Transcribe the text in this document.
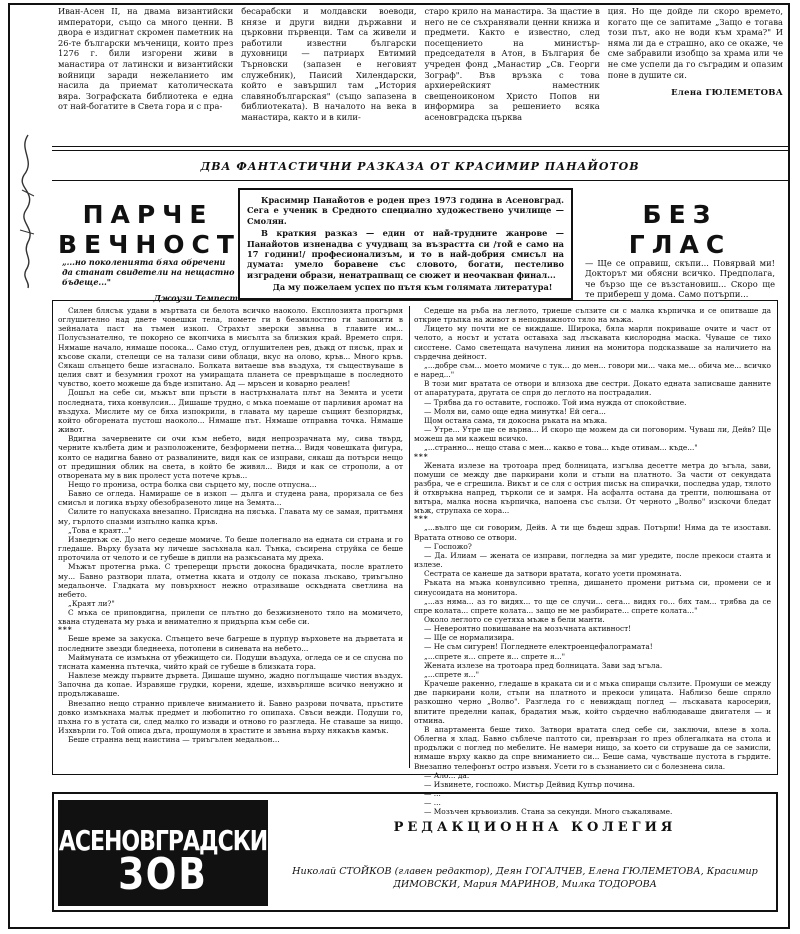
Иван-Асен II, на двама византийски императори, също са много ценни. В двора е издигнат скромен паметник на 26-те български мъченици, които през 1276 г. били изгорени живи в манастира от латински и византийски войници заради нежеланието им насила да приемат католическата вяра. Зографската библиотека е една от най-богатите в Света гора и с пра-

бесарабски и молдавски воеводи, князе и други видни държавни и църковни първенци. Там са живели и работили известни български духовници — патриарх Евтимий Търновски (запазен е неговият служебник), Паисий Хилендарски, който е завършил там „История славянобългарская" (също запазена в библиотеката). В началото на века в манастира, както и в кили-

старо крило на манастира. За щастие в него не се съхранявали ценни книжа и предмети. Както е известно, след посещението на министър-председателя в Атон, в България бе учреден фонд „Манастир „Св. Георги Зограф". Във връзка с това архиерейският наместник свещеноиконом Христо Попов ни информира за решението всяка асеновградска църква

ция. Но ще дойде ли скоро времето, когато ще се запитаме „Защо е тогава този път, ако не води към храма?" И няма ли да е страшно, ако се окаже, че сме забравили изобщо за храма или че не сме успели да го съградим и опазим поне в душите си.

Елена ГЮЛЕМЕТОВА
ДВА ФАНТАСТИЧНИ РАЗКАЗА ОТ КРАСИМИР ПАНАЙОТОВ
ПАРЧЕ
ВЕЧНОСТ
„...но поколенията бяха обречени да станат свидетели на нещастно бъдеще..."
Джоузи Темпест

Красимир Панайотов е роден през 1973 година в Асеновград. Сега е ученик в Средното специално художествено училище — Смолян.

В краткия разказ — един от най-трудните жанрове — Панайотов изненадва с учудващ за възрастта си /той е само на 17 години!/ професионализъм, и то в най-добрия смисъл на думата: умело боравене със словото, богати, пестеливо изградени образи, ненатрапващ се сюжет и неочакван финал...

Да му пожелаем успех по пътя към голямата литература!

БЕЗ
ГЛАС
— Ще се оправиш, скъпи... Повярвай ми! Докторът ми обясни всичко. Предполага, че бързо ще се възстановиш... Скоро ще те прибереш у дома. Само потърпи...

Силен блясък удави в мъртвата си белота всичко наоколо. Експлозията прогърмя оглушително над двете човешки тела, помете ги в безмилостно ги запокити в зейналата паст на тъмен изкоп. Страхът зверски звънна в главите им... Полусъзнателно, те покорно се вкопчиха в мисълта за близкия край. Времето спря. Нямаше начало, нямаше посока... Само студ, оглушителен рев, дъжд от пясък, прах и късове скали, стелещи се на талази сиви облаци, вкус на олово, кръв... Много кръв. Сякаш слънцето беше изгаснало. Болката витаеше във въздуха, тя съществуваше в целия свят и безумния грохот на умиращата планета се превръщаше в последното чувство, което можеше да бъде изпитано. Ад — мръсен и коварно реален!

Дошъл на себе си, мъжът впи пръсти в настръхналата плът на Земята и усети последната, тиха конвулсия... Дишаше трудно, с мъка поемаше от парливия аромат на въздуха. Мислите му се бяха изпокрили, в главата му цареше същият безпорядък, който обгорената пустош наоколо... Нямаше път. Нямаше отправна точка. Нямаше живот.

Вдигна зачервените си очи към небето, видя непрозрачната му, сива твърд, черните кълбета дим и разположените, безформени петна... Видя човешката фигура, която се надигна бавно от развалините, видя как се изправи, сякаш да потърси нещо от предишния облик на света, в който бе живял... Видя и как се строполи, а от отворената му в вик пролест уста потече кръв...

Нещо го прониза, остра болка сви сърцето му, после отпусна...

Бавно се огледа. Намираше се в изкоп — дълга и студена рана, прорязала се без смисъл и логика върху обезобразеното лице на Земята...

Силите го напускаха внезапно. Присядна на пясъка. Главата му се замая, притъмня му, гърлото спазми изпълно капка кръв.

„Това е краят..."

Изведнъж се. До него седеше момиче. То беше полегнало на едната си страна и го гледаше. Върху бузата му личеше засъхнала кал. Тънка, съсирена струйка се беше проточила от челото и се губеше в дипли на разкъсаната му дреха.

Мъжът протегна ръка. С треперещи пръсти докосна брадичката, после вратлето му... Бавно разтвори плата, отметна кката и отдолу се показа лъскаво, триъгълно медальонче. Гладката му повърхност нежно отразяваше оскъдната светлина на небето.

„Краят ли?"

С мъка се приповдигна, прилепи се плътно до безжизненото тяло на момичето, хвана студената му ръка и внимателно я придърпа към себе си.

***

Беше време за закуска. Слънцето вече багреше в пурпур върховете на дърветата и последните звезди бледнееха, потопени в синевата на небето...

Маймуната се измъкна от убежището си. Подуши въздуха, огледа се и се спусна по тясната каменна пътечка, чийто край се губеше в близката гора.

Навлезе между първите дървета. Дишаше шумно, жадно поглъщаше чистия въздух. Започна да копае. Изравяше грудки, корени, ядеше, изхвърляше всичко ненужно и продължаваше.

Внезапно нещо странно привлече вниманието й. Бавно разрови почвата, пръстите довко измъкнаха малък предмет и любопитно го опипаха. Свъси вежди. Подуши го, пъхна го в устата си, след малко го извади и отново го разгледа. Не ставаше за нищо. Изхвърли го. Той описа дъга, прошумоля в храстите и звънна върху някакъв камък.

Беше странна вещ наистина — триъгълен медальон...

Седеше на ръба на леглото, триеше сълзите си с малка кърпичка и се опитваше да открие тръпка на живот в неподвижното тяло на мъжа.

Лицето му почти не се виждаше. Широка, бяла марля покриваше очите и част от челото, а носът и устата оставаха зад лъскавата кислородна маска. Чуваше се тихо сисстене. Само светещата начупена линия на монитора подсказваше за наличието на сърдечна дейност.

„...добре съм... моето момиче с тук... до мен... говори ми... чака ме... обича ме... всичко е наред..."

В този миг вратата се отвори и влязоха две сестри. Докато едната записваше данните от апаратурата, другата се спря до леглото на пострадалия.

— Трябва да го оставите, госпожо. Той има нужда от спокойствие.

— Моля ви, само още една минутка! Ей сега...

Щом остана сама, тя докосна ръката на мъжа.

— Утре... Утре ще се върна... И скоро ще можем да си поговорим. Чуваш ли, Дейв? Ще можеш да ми кажеш всичко.

„...странно... нещо става с мен... какво е това... къде отивам... къде..."

***

Жената излезе на тротоара пред болницата, изгълва десетте метра до ъгъла, зави, помуши се между две паркирани коли и стъпи на платното. За части от секундата разбра, че е сгрешила. Викът и се сля с острия писък на спирачки, последва удар, тялото й отхвръкна напред, търколи се и замря. На асфалта остана да трепти, полюшвана от вятъра, малка носна кърпичка, напоена със сълзи. От черното „Волво" изскочи бледат мъж, струпаха се хора...

***

„...вълго ще си говорим, Дейв. А ти ще бъдеш здрав. Потърпи! Няма да те изоставя. Вратата отново се отвори.

— Госпожо?

— Да. Илиам — жената се изправи, погледна за миг уредите, после прекоси стаята и излезе.

Сестрата се канеше да затвори вратата, когато усети промяната.

Ръката на мъжа конвулсивно трепна, дишането промени ритъма си, промени се и синусоидата на монитора.

„...аз няма... аз го видях... то ще се случи... сега... видях го... бях там... трябва да се спре колата... спрете колата... защо не ме разбирате... спрете колата..."

Около леглото се суетяха мъже в бели манти.

— Невероятно повишаване на мозъчната активност!

— Ще се нормализира.

— Не съм сигурен! Погледнете електроенцефалограмата!

„...спрете я... спрете я... спрете я..."

Жената излезе на тротоара пред болницата. Зави зад ъгъла.

„...спрете я..."

Крачеше ракенно, гледаше в краката си и с мъка спиращи сълзите. Промуши се между две паркирани коли, стъпи на платното и прекоси улицата. Наблизо беше спряло разкошно черно „Волво". Разгледа го с невиждащ поглед — лъскавата каросерия, впитите пределни капак, брадатия мъж, който сърдечно наблюдаваше двигателя — и отмина.

В апартамента беше тихо. Затвори вратата след себе си, заключи, влезе в хола. Облегна я хлад. Бавно съблече палтото си, превързан го през облегалката на стола и продължи с поглед по мебелите. Не намери нищо, за което си струваше да се замисли, нямаше върху какво да спре вниманието си... Беше сама, чувстваше пустота в гърдите. Внезапно телефонът остро извъня. Усети го в съзнанието си с болезнена сила.

— Ало... да.

— Извинете, госпожо. Мистър Дейвид Купър почина.

— ...

— ...

— Мозъчен кръвоизлив. Стана за секунди. Много съжаляваме.

АСЕНОВГРАДСКИ
ЗОВ
РЕДАКЦИОННА КОЛЕГИЯ
Николай СТОЙКОВ (главен редактор), Деян ГОГАЛЧЕВ, Елена ГЮЛЕМЕТОВА, Красимир ДИМОВСКИ, Мария МАРИНОВ, Милка ТОДОРОВА
